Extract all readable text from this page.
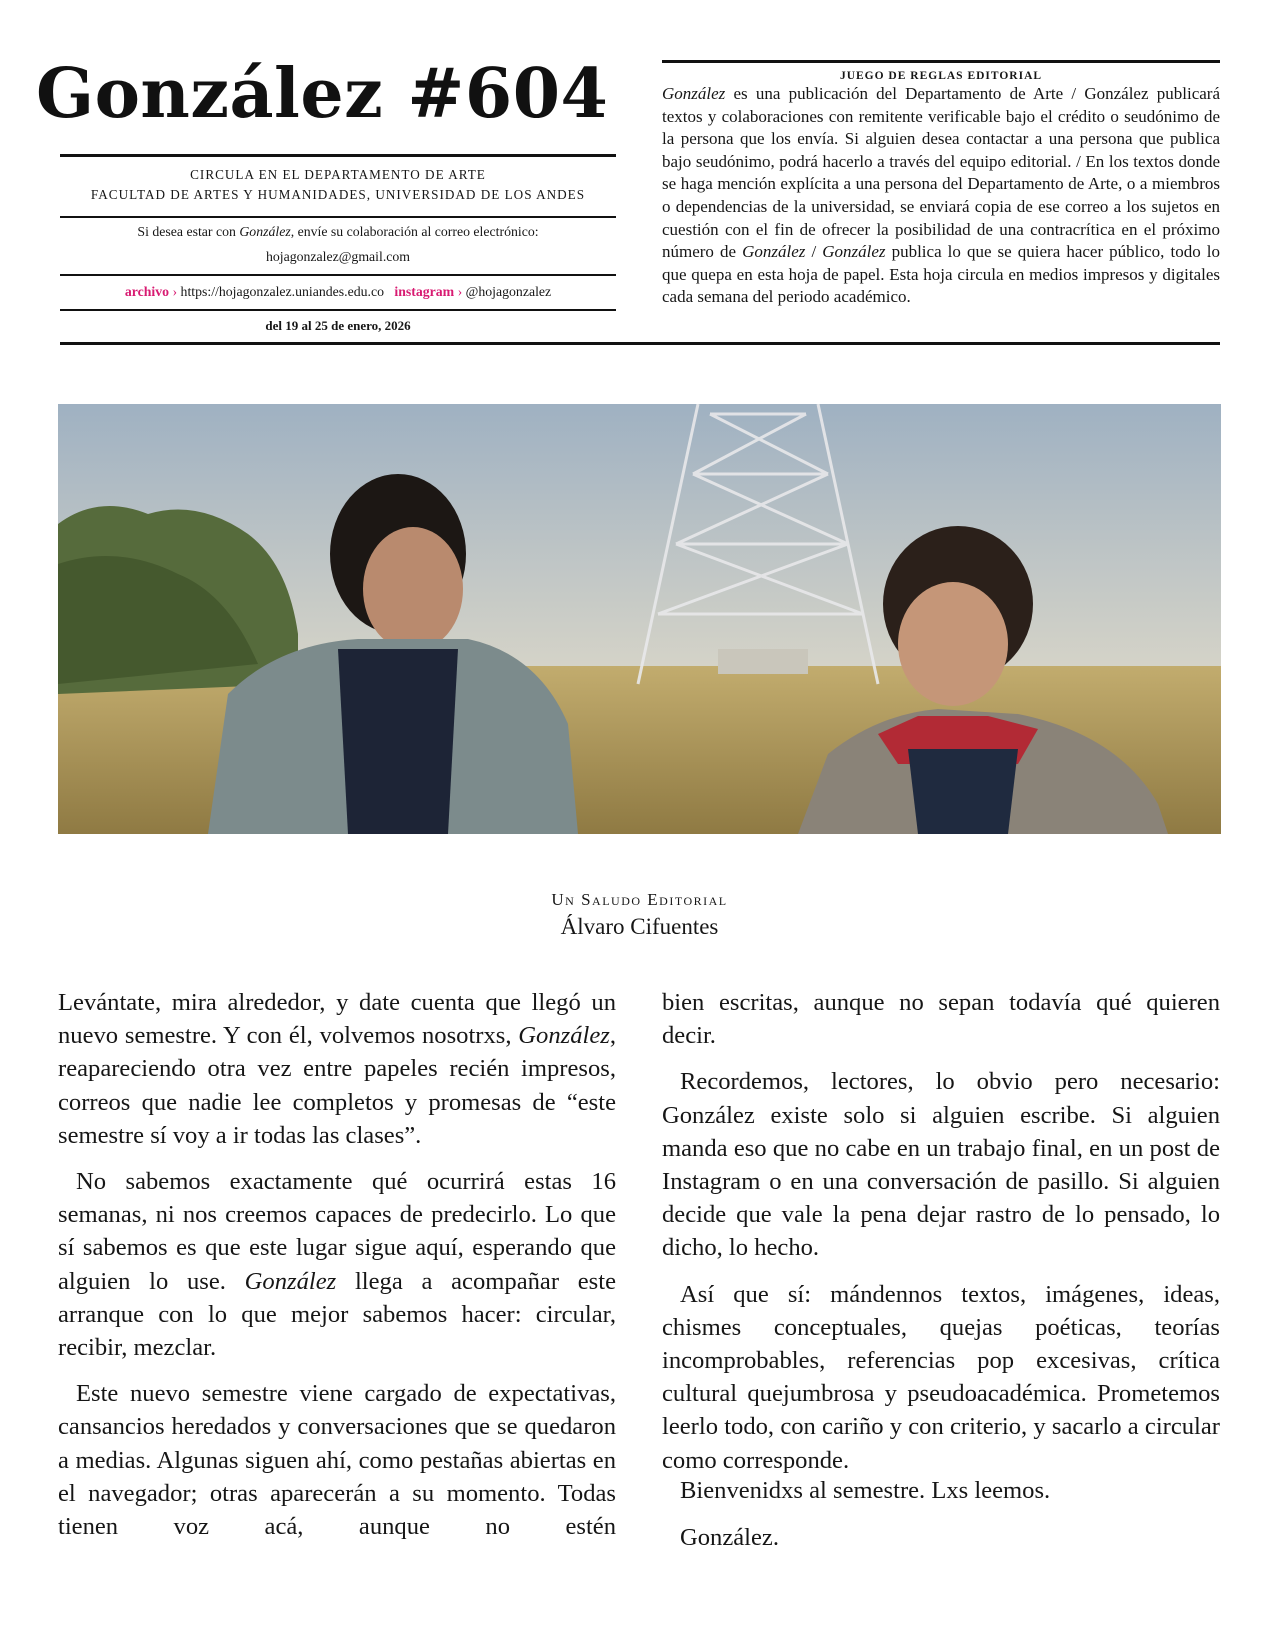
González #604
CIRCULA EN EL DEPARTAMENTO DE ARTE
FACULTAD DE ARTES Y HUMANIDADES, UNIVERSIDAD DE LOS ANDES
Si desea estar con González, envíe su colaboración al correo electrónico:
hojagonzalez@gmail.com
archivo › https://hojagonzalez.uniandes.edu.co instagram › @hojagonzalez
del 19 al 25 de enero, 2026
JUEGO DE REGLAS EDITORIAL
González es una publicación del Departamento de Arte / González publicará textos y colaboraciones con remitente verificable bajo el crédito o seudónimo de la persona que los envía. Si alguien desea contactar a una persona que publica bajo seudónimo, podrá hacerlo a través del equipo editorial. / En los textos donde se haga mención explícita a una persona del Departamento de Arte, o a miembros o dependencias de la universidad, se enviará copia de ese correo a los sujetos en cuestión con el fin de ofrecer la posibilidad de una contracrítica en el próximo número de González / González publica lo que se quiera hacer público, todo lo que quepa en esta hoja de papel. Esta hoja circula en medios impresos y digitales cada semana del periodo académico.
Un Saludo Editorial
Álvaro Cifuentes

Levántate, mira alrededor, y date cuenta que llegó un nuevo semestre. Y con él, volvemos nosotrxs, González, reapareciendo otra vez entre papeles recién impresos, correos que nadie lee completos y promesas de “este semestre sí voy a ir todas las clases”.

No sabemos exactamente qué ocurrirá estas 16 semanas, ni nos creemos capaces de predecirlo. Lo que sí sabemos es que este lugar sigue aquí, esperando que alguien lo use. González llega a acompañar este arranque con lo que mejor sabemos hacer: circular, recibir, mezclar.

Este nuevo semestre viene cargado de expectativas, cansancios heredados y conversaciones que se quedaron a medias. Algunas siguen ahí, como pestañas abiertas en el navegador; otras aparecerán a su momento. Todas tienen voz acá, aunque no estén

bien escritas, aunque no sepan todavía qué quieren decir.

Recordemos, lectores, lo obvio pero necesario: González existe solo si alguien escribe. Si alguien manda eso que no cabe en un trabajo final, en un post de Instagram o en una conversación de pasillo. Si alguien decide que vale la pena dejar rastro de lo pensado, lo dicho, lo hecho.

Así que sí: mándennos textos, imágenes, ideas, chismes conceptuales, quejas poéticas, teorías incomprobables, referencias pop excesivas, crítica cultural quejumbrosa y pseudoacadémica. Prometemos leerlo todo, con cariño y con criterio, y sacarlo a circular como corresponde.

Bienvenidxs al semestre. Lxs leemos.
González.
